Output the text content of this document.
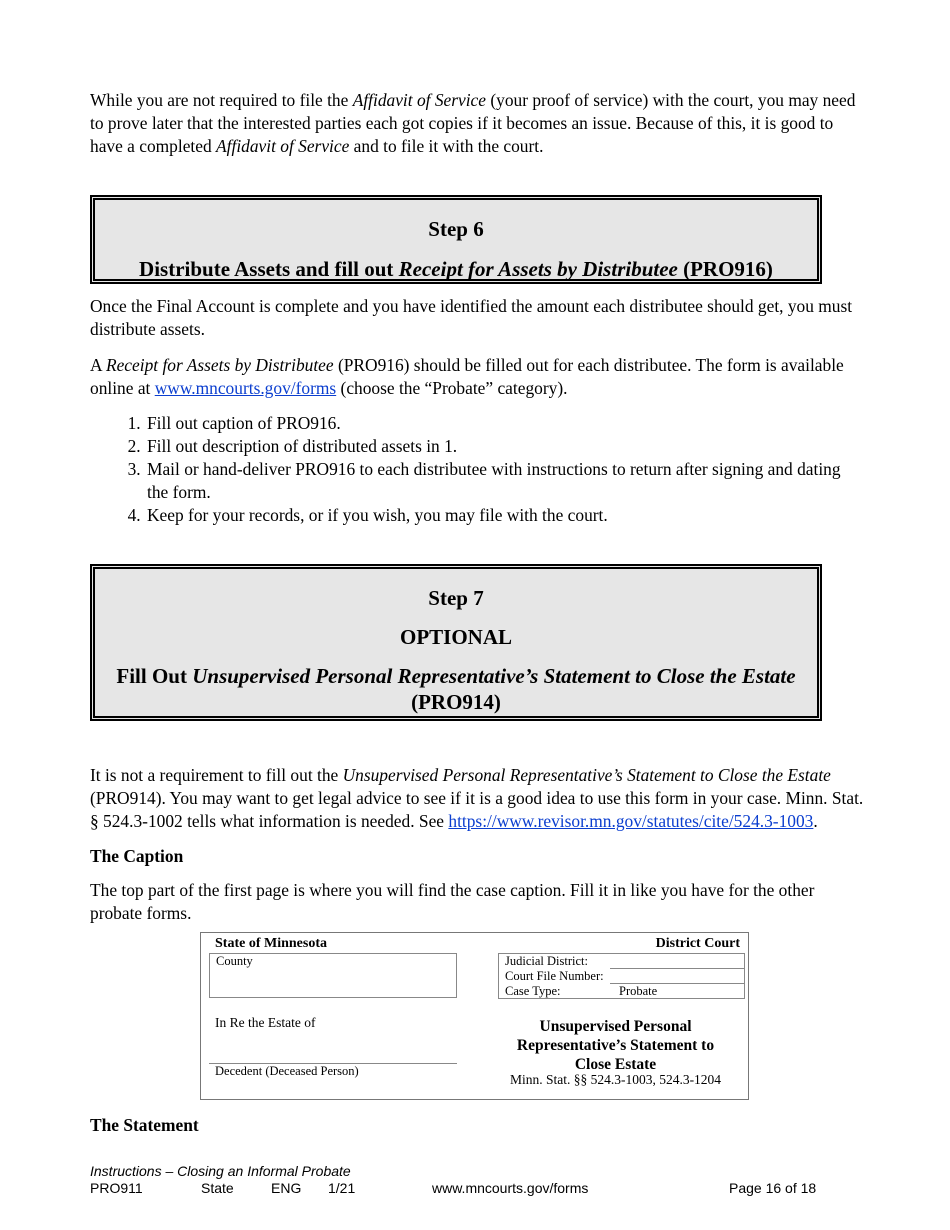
While you are not required to file the Affidavit of Service (your proof of service) with the court, you may need to prove later that the interested parties each got copies if it becomes an issue. Because of this, it is good to have a completed Affidavit of Service and to file it with the court.

Step 6
Distribute Assets and fill out Receipt for Assets by Distributee (PRO916)

Once the Final Account is complete and you have identified the amount each distributee should get, you must distribute assets.

A Receipt for Assets by Distributee (PRO916) should be filled out for each distributee. The form is available online at www.mncourts.gov/forms (choose the “Probate” category).

1. Fill out caption of PRO916.
2. Fill out description of distributed assets in 1.
3. Mail or hand-deliver PRO916 to each distributee with instructions to return after signing and dating the form.
4. Keep for your records, or if you wish, you may file with the court.
Step 7
OPTIONAL
Fill Out Unsupervised Personal Representative’s Statement to Close the Estate
(PRO914)

It is not a requirement to fill out the Unsupervised Personal Representative’s Statement to Close the Estate (PRO914). You may want to get legal advice to see if it is a good idea to use this form in your case. Minn. Stat. § 524.3-1002 tells what information is needed. See https://www.revisor.mn.gov/statutes/cite/524.3-1003.

The Caption

The top part of the first page is where you will find the case caption. Fill it in like you have for the other probate forms.

State of Minnesota	District Court
County	Judicial District:
Court File Number:
Case Type:	Probate
In Re the Estate of
Decedent (Deceased Person)
Unsupervised Personal Representative’s Statement to Close Estate
Minn. Stat. §§ 524.3-1003, 524.3-1204
The Statement
Instructions – Closing an Informal Probate
PRO911	State	ENG 1/21	www.mncourts.gov/forms	Page 16 of 18
